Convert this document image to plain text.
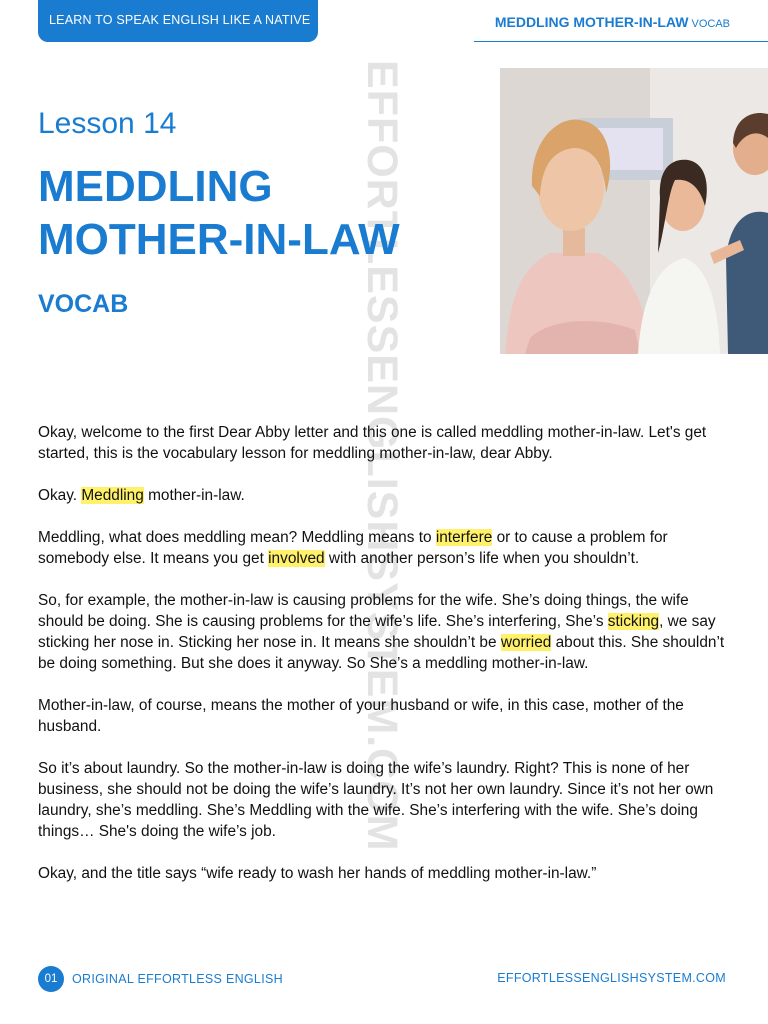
LEARN TO SPEAK ENGLISH LIKE A NATIVE	MEDDLING MOTHER-IN-LAW VOCAB
EFFORTLESSENGLISHSYSTEM.COM
Lesson 14
MEDDLING
MOTHER-IN-LAW
VOCAB

Okay, welcome to the first Dear Abby letter and this one is called meddling mother-in-law. Let's get started, this is the vocabulary lesson for meddling mother-in-law, dear Abby.

Okay. Meddling mother-in-law.

Meddling, what does meddling mean? Meddling means to interfere or to cause a problem for somebody else. It means you get involved with another person’s life when you shouldn’t.

So, for example, the mother-in-law is causing problems for the wife. She’s doing things, the wife should be doing. She is causing problems for the wife’s life. She’s interfering, She’s sticking, we say sticking her nose in. Sticking her nose in. It means she shouldn’t be worried about this. She shouldn’t be doing something. But she does it anyway. So She’s a meddling mother-in-law.

Mother-in-law, of course, means the mother of your husband or wife, in this case, mother of the husband.

So it’s about laundry. So the mother-in-law is doing the wife’s laundry. Right? This is none of her business, she should not be doing the wife’s laundry. It’s not her own laundry. Since it’s not her own laundry, she’s meddling. She’s Meddling with the wife. She’s interfering with the wife. She’s doing things… She's doing the wife’s job.

Okay, and the title says “wife ready to wash her hands of meddling mother-in-law.”

01	ORIGINAL EFFORTLESS ENGLISH	EFFORTLESSENGLISHSYSTEM.COM
